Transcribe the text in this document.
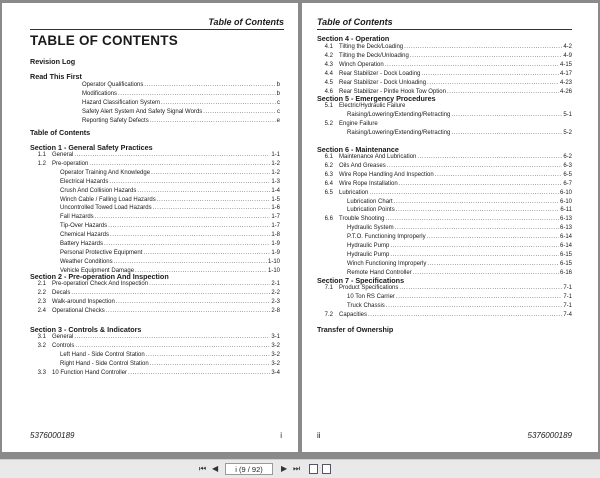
Table of Contents
TABLE OF CONTENTS
Revision Log
Read This First
Operator Qualifications .....	b
Modifications .....	b
Hazard Classification System .....	c
Safety Alert System And Safety Signal Words .....	c
Reporting Safety Defects .....	e
Table of Contents
Section 1 - General Safety Practices
1.1	General .....	1-1
1.2	Pre-operation .....	1-2
Operator Training And Knowledge .....	1-2
Electrical Hazards .....	1-3
Crush And Collision Hazards .....	1-4
Winch Cable / Falling Load Hazards .....	1-5
Uncontrolled Towed Load Hazards .....	1-6
Fall Hazards .....	1-7
Tip-Over Hazards .....	1-7
Chemical Hazards .....	1-8
Battery Hazards .....	1-9
Personal Protective Equipment .....	1-9
Weather Conditions .....	1-10
Vehicle Equipment Damage .....	1-10
Section 2 - Pre-operation And Inspection
2.1	Pre-operation Check And Inspection .....	2-1
2.2	Decals .....	2-2
2.3	Walk-around Inspection .....	2-3
2.4	Operational Checks .....	2-8
Section 3 - Controls & Indicators
3.1	General .....	3-1
3.2	Controls .....	3-2
Left Hand - Side Control Station .....	3-2
Right Hand - Side Control Station .....	3-2
3.3	10 Function Hand Controller .....	3-4
5376000189	i
Table of Contents
Section 4 - Operation
4.1	Tilting the Deck/Loading .....	4-2
4.2	Tilting the Deck/Unloading .....	4-9
4.3	Winch Operation .....	4-15
4.4	Rear Stabilizer - Dock Loading .....	4-17
4.5	Rear Stabilizer - Dock Unloading .....	4-23
4.6	Rear Stabilizer - Pintle Hook Tow Option .....	4-26
Section 5 - Emergency Procedures
5.1	Electric/Hydraulic Failure
Raising/Lowering/Extending/Retracting .....	5-1
5.2	Engine Failure
Raising/Lowering/Extending/Retracting .....	5-2
Section 6 - Maintenance
6.1	Maintenance And Lubrication .....	6-2
6.2	Oils And Greases .....	6-3
6.3	Wire Rope Handling And Inspection .....	6-5
6.4	Wire Rope Installation .....	6-7
6.5	Lubrication .....	6-10
Lubrication Chart .....	6-10
Lubrication Points .....	6-11
6.6	Trouble Shooting .....	6-13
Hydraulic System .....	6-13
P.T.O. Functioning Improperly .....	6-14
Hydraulic Pump .....	6-14
Hydraulic Pump .....	6-15
Winch Functioning Improperly .....	6-15
Remote Hand Controller .....	6-16
Section 7 - Specifications
7.1	Product Specifications .....	7-1
10 Ton RS Carrier .....	7-1
Truck Chassis .....	7-1
7.2	Capacities .....	7-4
Transfer of Ownership
ii	5376000189
⏮ ◀
i (9 / 92)	▶ ⏭
